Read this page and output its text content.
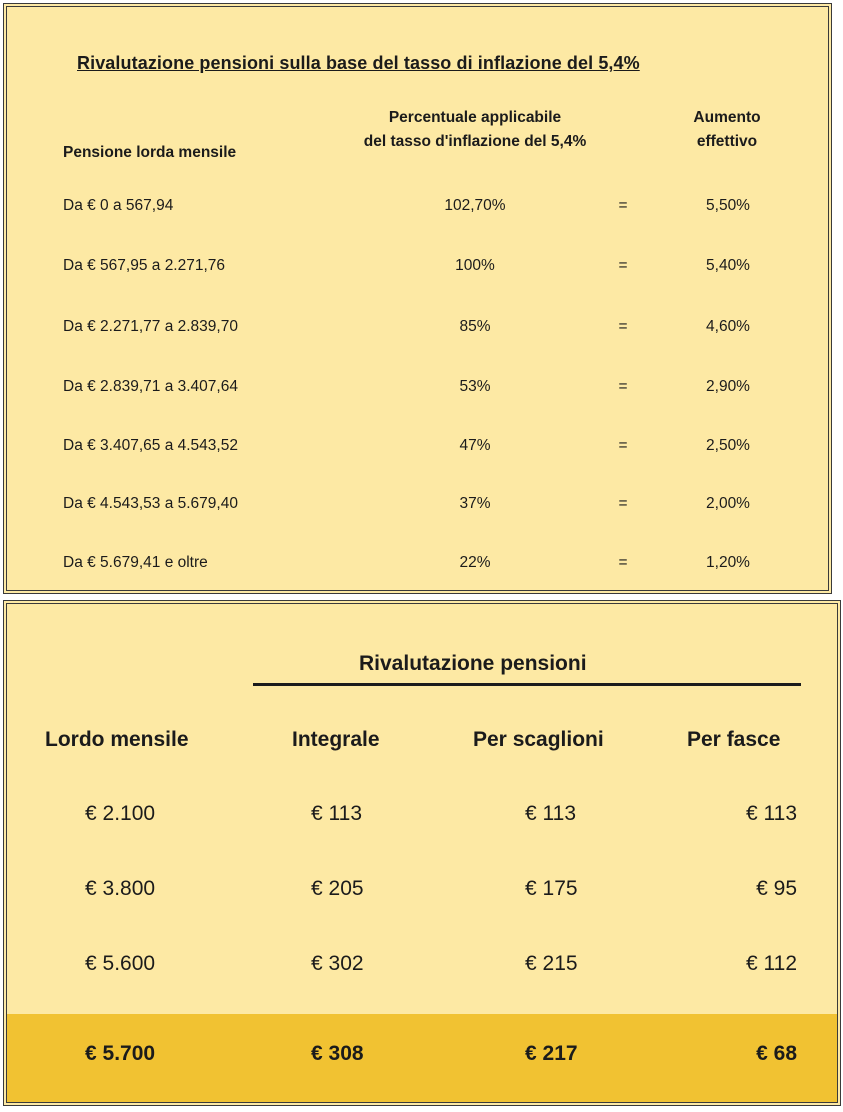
Rivalutazione pensioni sulla base del tasso di inflazione del 5,4%
Pensione lorda mensile
Percentuale applicabile
del tasso d'inflazione del 5,4%
Aumento
effettivo
Da € 0 a 567,94	102,70%	=	5,50%
Da € 567,95 a 2.271,76	100%	=	5,40%
Da € 2.271,77 a 2.839,70	85%	=	4,60%
Da € 2.839,71 a 3.407,64	53%	=	2,90%
Da € 3.407,65 a 4.543,52	47%	=	2,50%
Da € 4.543,53 a 5.679,40	37%	=	2,00%
Da € 5.679,41 e oltre	22%	=	1,20%
Rivalutazione pensioni
Lordo mensile	Integrale	Per scaglioni	Per fasce
€ 2.100	€ 113	€ 113	€ 113
€ 3.800	€ 205	€ 175	€ 95
€ 5.600	€ 302	€ 215	€ 112
€ 5.700	€ 308	€ 217	€ 68
